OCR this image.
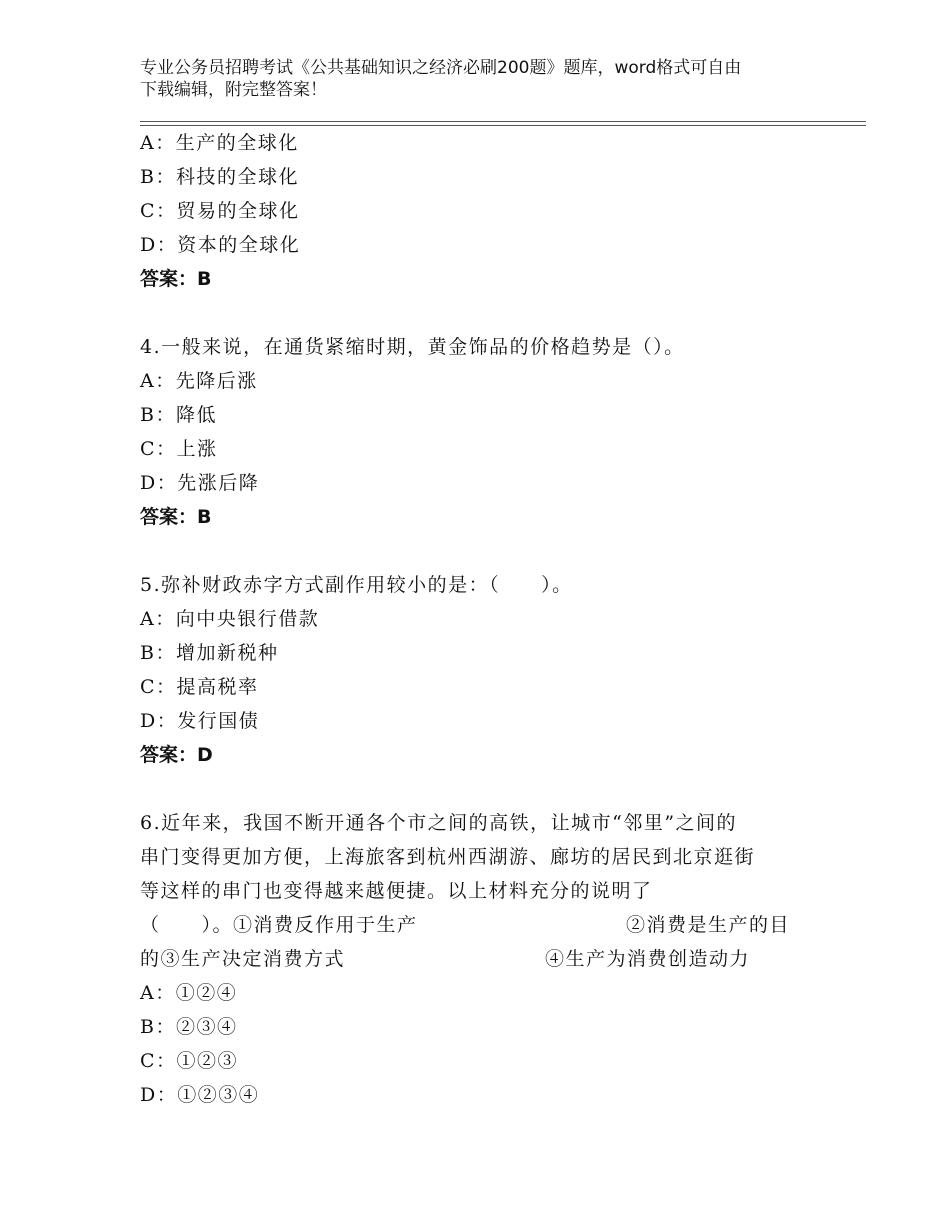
专业公务员招聘考试《公共基础知识之经济必刷200题》题库，word格式可自由
下载编辑，附完整答案！
A：生产的全球化
B：科技的全球化
C：贸易的全球化
D：资本的全球化
答案：B
4.一般来说，在通货紧缩时期，黄金饰品的价格趋势是（）。
A：先降后涨
B：降低
C：上涨
D：先涨后降
答案：B
5.弥补财政赤字方式副作用较小的是：（　　）。
A：向中央银行借款
B：增加新税种
C：提高税率
D：发行国债
答案：D
6.近年来，我国不断开通各个市之间的高铁，让城市“邻里”之间的
串门变得更加方便，上海旅客到杭州西湖游、廊坊的居民到北京逛街
等这样的串门也变得越来越便捷。以上材料充分的说明了
（　　）。①消费反作用于生产	②消费是生产的目
的③生产决定消费方式	④生产为消费创造动力
A：①②④
B：②③④
C：①②③
D：①②③④
